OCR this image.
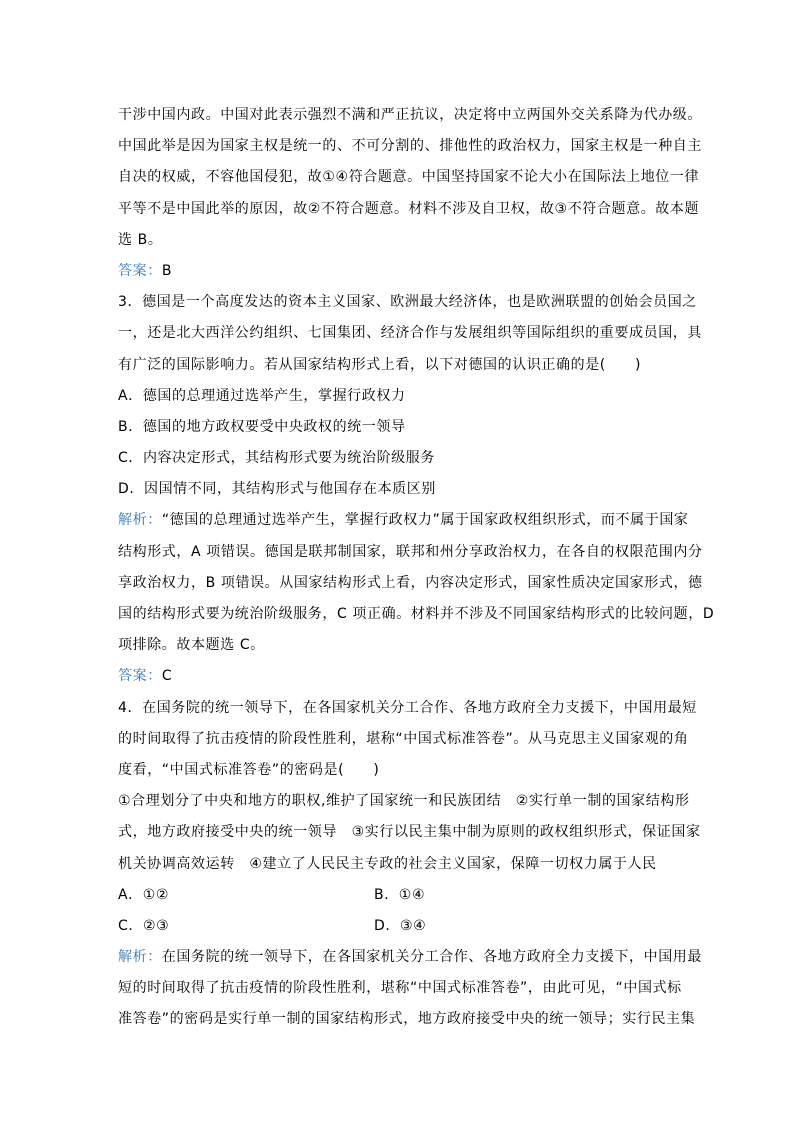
干涉中国内政。中国对此表示强烈不满和严正抗议，决定将中立两国外交关系降为代办级。
中国此举是因为国家主权是统一的、不可分割的、排他性的政治权力，国家主权是一种自主
自决的权威，不容他国侵犯，故①④符合题意。中国坚持国家不论大小在国际法上地位一律
平等不是中国此举的原因，故②不符合题意。材料不涉及自卫权，故③不符合题意。故本题
选 B。
答案：B
3．德国是一个高度发达的资本主义国家、欧洲最大经济体，也是欧洲联盟的创始会员国之
一，还是北大西洋公约组织、七国集团、经济合作与发展组织等国际组织的重要成员国，具
有广泛的国际影响力。若从国家结构形式上看，以下对德国的认识正确的是(　　)
A．德国的总理通过选举产生，掌握行政权力
B．德国的地方政权要受中央政权的统一领导
C．内容决定形式，其结构形式要为统治阶级服务
D．因国情不同，其结构形式与他国存在本质区别
解析：“德国的总理通过选举产生，掌握行政权力”属于国家政权组织形式，而不属于国家
结构形式，A 项错误。德国是联邦制国家，联邦和州分享政治权力，在各自的权限范围内分
享政治权力，B 项错误。从国家结构形式上看，内容决定形式，国家性质决定国家形式，德
国的结构形式要为统治阶级服务，C 项正确。材料并不涉及不同国家结构形式的比较问题，D
项排除。故本题选 C。
答案：C
4．在国务院的统一领导下，在各国家机关分工合作、各地方政府全力支援下，中国用最短
的时间取得了抗击疫情的阶段性胜利，堪称“中国式标准答卷”。从马克思主义国家观的角
度看，“中国式标准答卷”的密码是(　　)
①合理划分了中央和地方的职权,维护了国家统一和民族团结　②实行单一制的国家结构形
式，地方政府接受中央的统一领导　③实行以民主集中制为原则的政权组织形式，保证国家
机关协调高效运转　④建立了人民民主专政的社会主义国家，保障一切权力属于人民
A．①②	B．①④
C．②③	D．③④
解析：在国务院的统一领导下，在各国家机关分工合作、各地方政府全力支援下，中国用最
短的时间取得了抗击疫情的阶段性胜利，堪称“中国式标准答卷”，由此可见，“中国式标
准答卷”的密码是实行单一制的国家结构形式，地方政府接受中央的统一领导；实行民主集
